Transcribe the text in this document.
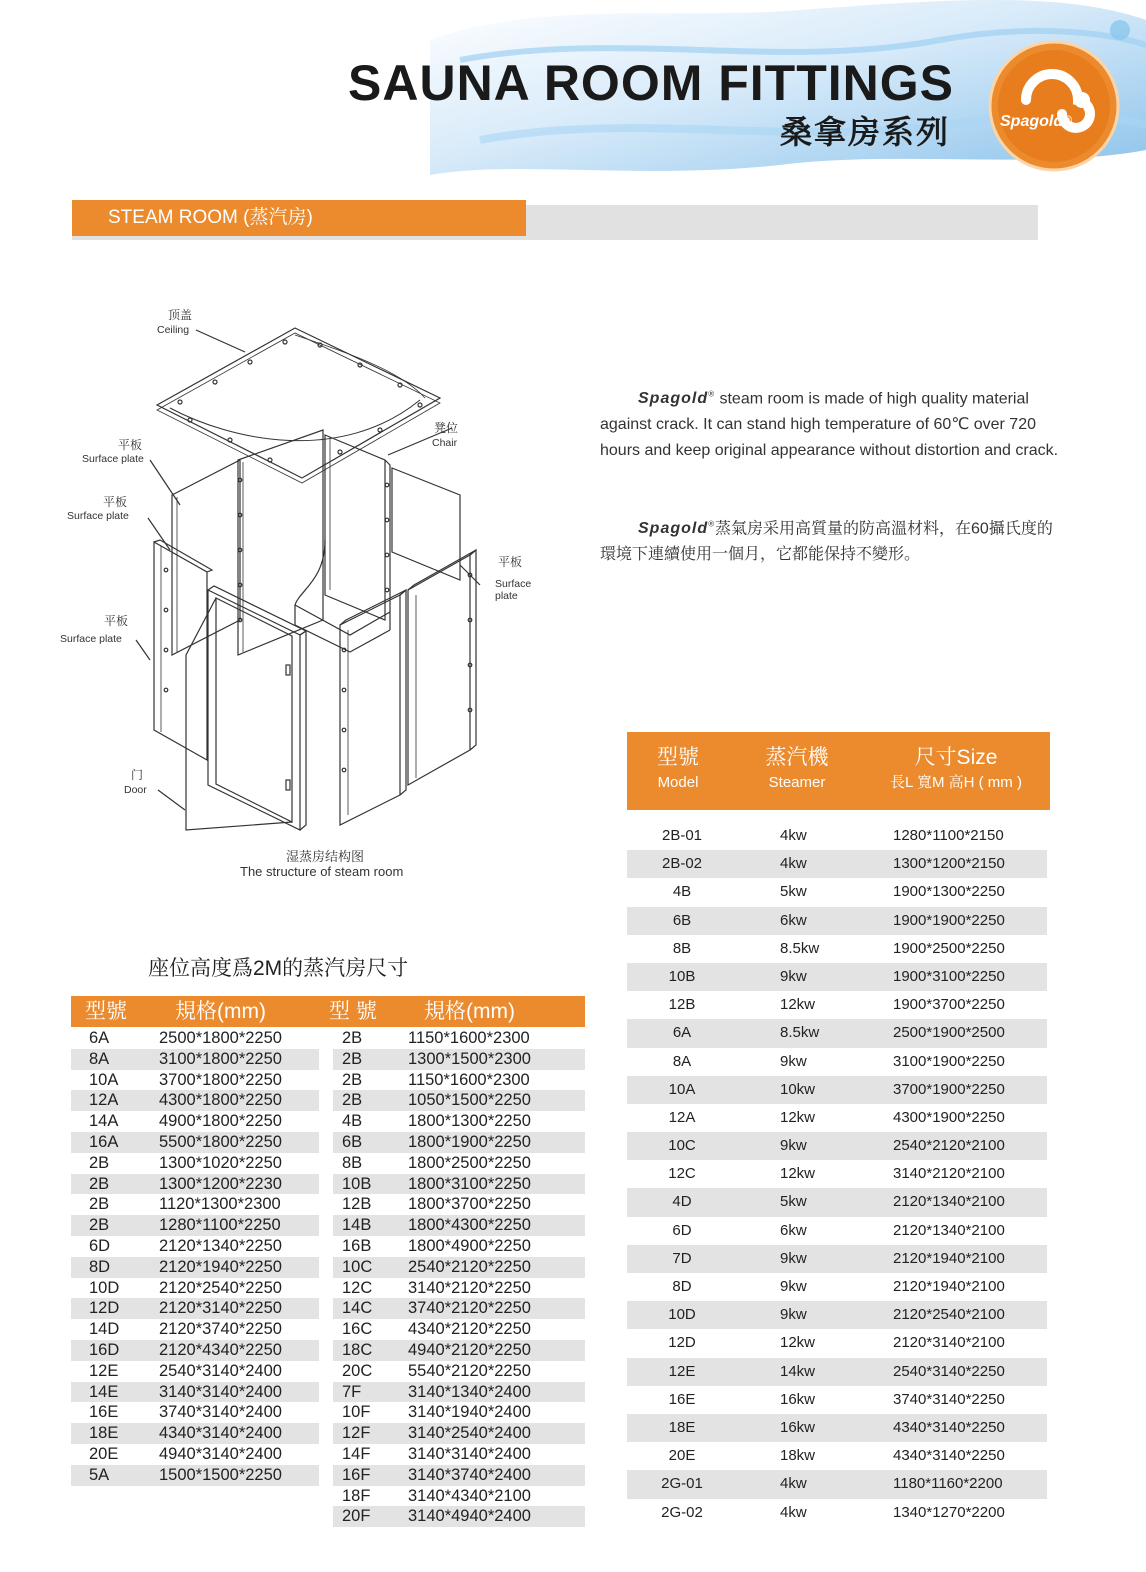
SAUNA ROOM FITTINGS
桑拿房系列	Spagold®
STEAM ROOM (蒸汽房)
顶盖
Ceiling
凳位
Chair
平板
Surface plate
平板
Surface plate
平板
Surface plate
平板
Surface
plate
门
Door
湿蒸房结构图
The structure of steam room
Spagold® steam room is made of high quality material against crack. It can stand high temperature of 60℃ over 720 hours and keep original appearance without distortion and crack.
Spagold®蒸氣房采用高質量的防高溫材料，在60攝氏度的環境下連續使用一個月，它都能保持不變形。
型號
Model
蒸汽機
Steamer
尺寸Size
長L 寬M 高H ( mm )
2B-01	4kw	1280*1100*2150
2B-02	4kw	1300*1200*2150
4B	5kw	1900*1300*2250
6B	6kw	1900*1900*2250
8B	8.5kw	1900*2500*2250
10B	9kw	1900*3100*2250
12B	12kw	1900*3700*2250
6A	8.5kw	2500*1900*2500
8A	9kw	3100*1900*2250
10A	10kw	3700*1900*2250
12A	12kw	4300*1900*2250
10C	9kw	2540*2120*2100
12C	12kw	3140*2120*2100
4D	5kw	2120*1340*2100
6D	6kw	2120*1340*2100
7D	9kw	2120*1940*2100
8D	9kw	2120*1940*2100
10D	9kw	2120*2540*2100
12D	12kw	2120*3140*2100
12E	14kw	2540*3140*2250
16E	16kw	3740*3140*2250
18E	16kw	4340*3140*2250
20E	18kw	4340*3140*2250
2G-01	4kw	1180*1160*2200
2G-02	4kw	1340*1270*2200
座位高度爲2M的蒸汽房尺寸
型號 規格(mm)	型 號 規格(mm)
6A	2500*1800*2250	2B	1150*1600*2300
8A	3100*1800*2250	2B	1300*1500*2300
10A 3700*1800*2250	2B	1150*1600*2300
12A 4300*1800*2250	2B	1050*1500*2250
14A 4900*1800*2250	4B	1800*1300*2250
16A 5500*1800*2250	6B	1800*1900*2250
2B	1300*1020*2250	8B	1800*2500*2250
2B	1300*1200*2230	10B 1800*3100*2250
2B	1120*1300*2300	12B 1800*3700*2250
2B	1280*1100*2250	14B 1800*4300*2250
6D	2120*1340*2250	16B 1800*4900*2250
8D	2120*1940*2250	10C 2540*2120*2250
10D 2120*2540*2250	12C 3140*2120*2250
12D 2120*3140*2250	14C 3740*2120*2250
14D 2120*3740*2250	16C 4340*2120*2250
16D 2120*4340*2250	18C 4940*2120*2250
12E 2540*3140*2400	20C 5540*2120*2250
14E 3140*3140*2400	7F	3140*1340*2400
16E 3740*3140*2400	10F 3140*1940*2400
18E 4340*3140*2400	12F 3140*2540*2400
20E 4940*3140*2400	14F 3140*3140*2400
5A	1500*1500*2250	16F 3140*3740*2400
18F 3140*4340*2100
20F 3140*4940*2400
